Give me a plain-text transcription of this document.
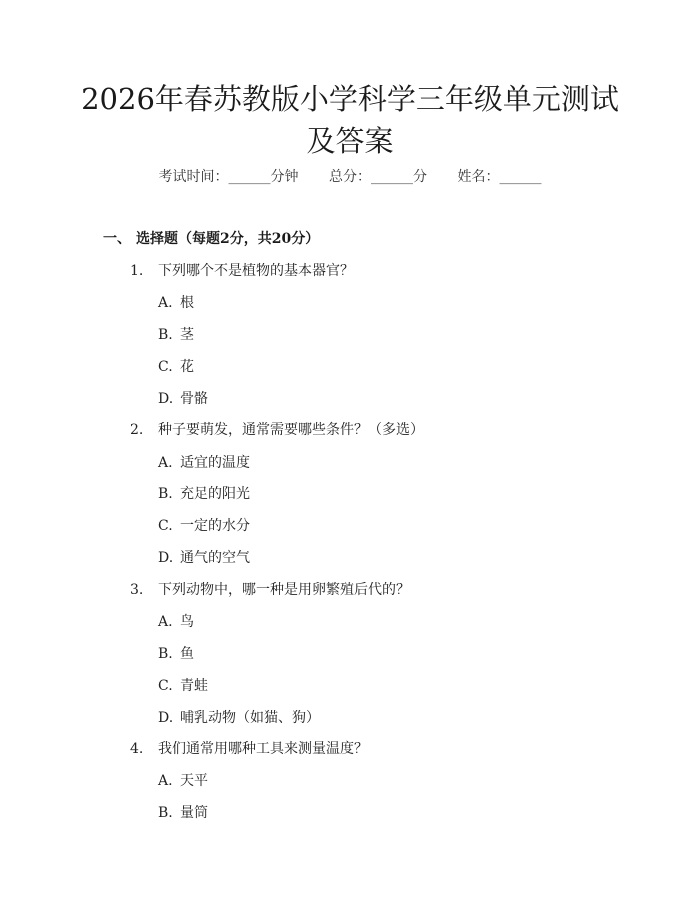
2026年春苏教版小学科学三年级单元测试及答案
考试时间：______分钟 总分：______分 姓名：______
一、 选择题（每题2分，共20分）
1. 下列哪个不是植物的基本器官？
A. 根
B. 茎
C. 花
D. 骨骼
2. 种子要萌发，通常需要哪些条件？（多选）
A. 适宜的温度
B. 充足的阳光
C. 一定的水分
D. 通气的空气
3. 下列动物中，哪一种是用卵繁殖后代的？
A. 鸟
B. 鱼
C. 青蛙
D. 哺乳动物（如猫、狗）
4. 我们通常用哪种工具来测量温度？
A. 天平
B. 量筒
